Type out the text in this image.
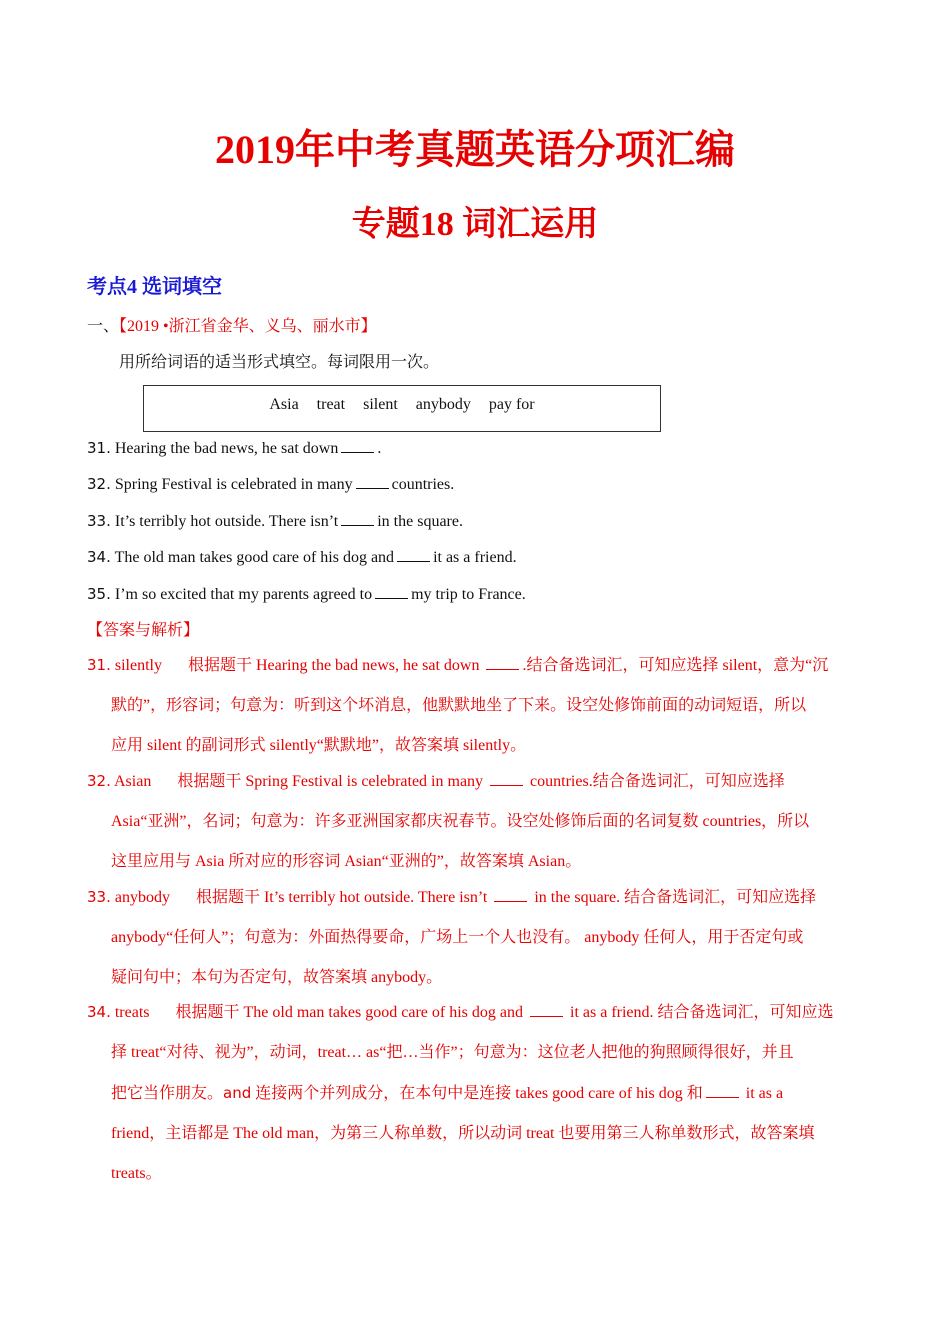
2019年中考真题英语分项汇编
专题18 词汇运用
考点4 选词填空
一、【2019 •浙江省金华、义乌、丽水市】
用所给词语的适当形式填空。每词限用一次。
Asia treat silent anybody pay for
31. Hearing the bad news, he sat down .
32. Spring Festival is celebrated in many countries.
33. It’s terribly hot outside. There isn’t in the square.
34. The old man takes good care of his dog and it as a friend.
35. I’m so excited that my parents agreed to my trip to France.
【答案与解析】
31. silently 根据题干 Hearing the bad news, he sat down	.结合备选词汇，可知应选择 silent，意为“沉
默的”，形容词；句意为：听到这个坏消息，他默默地坐了下来。设空处修饰前面的动词短语，所以
应用 silent 的副词形式 silently“默默地”，故答案填 silently。
32. Asian 根据题干 Spring Festival is celebrated in many	countries.结合备选词汇，可知应选择
Asia“亚洲”，名词；句意为：许多亚洲国家都庆祝春节。设空处修饰后面的名词复数 countries，所以
这里应用与 Asia 所对应的形容词 Asian“亚洲的”，故答案填 Asian。
33. anybody 根据题干 It’s terribly hot outside. There isn’t	in the square. 结合备选词汇，可知应选择
anybody“任何人”；句意为：外面热得要命，广场上一个人也没有。 anybody 任何人，用于否定句或
疑问句中；本句为否定句，故答案填 anybody。
34. treats 根据题干 The old man takes good care of his dog and	it as a friend. 结合备选词汇，可知应选
择 treat“对待、视为”，动词，treat… as“把…当作”；句意为：这位老人把他的狗照顾得很好，并且
把它当作朋友。and 连接两个并列成分，在本句中是连接 takes good care of his dog 和	it as a
friend，主语都是 The old man，为第三人称单数，所以动词 treat 也要用第三人称单数形式，故答案填
treats。
